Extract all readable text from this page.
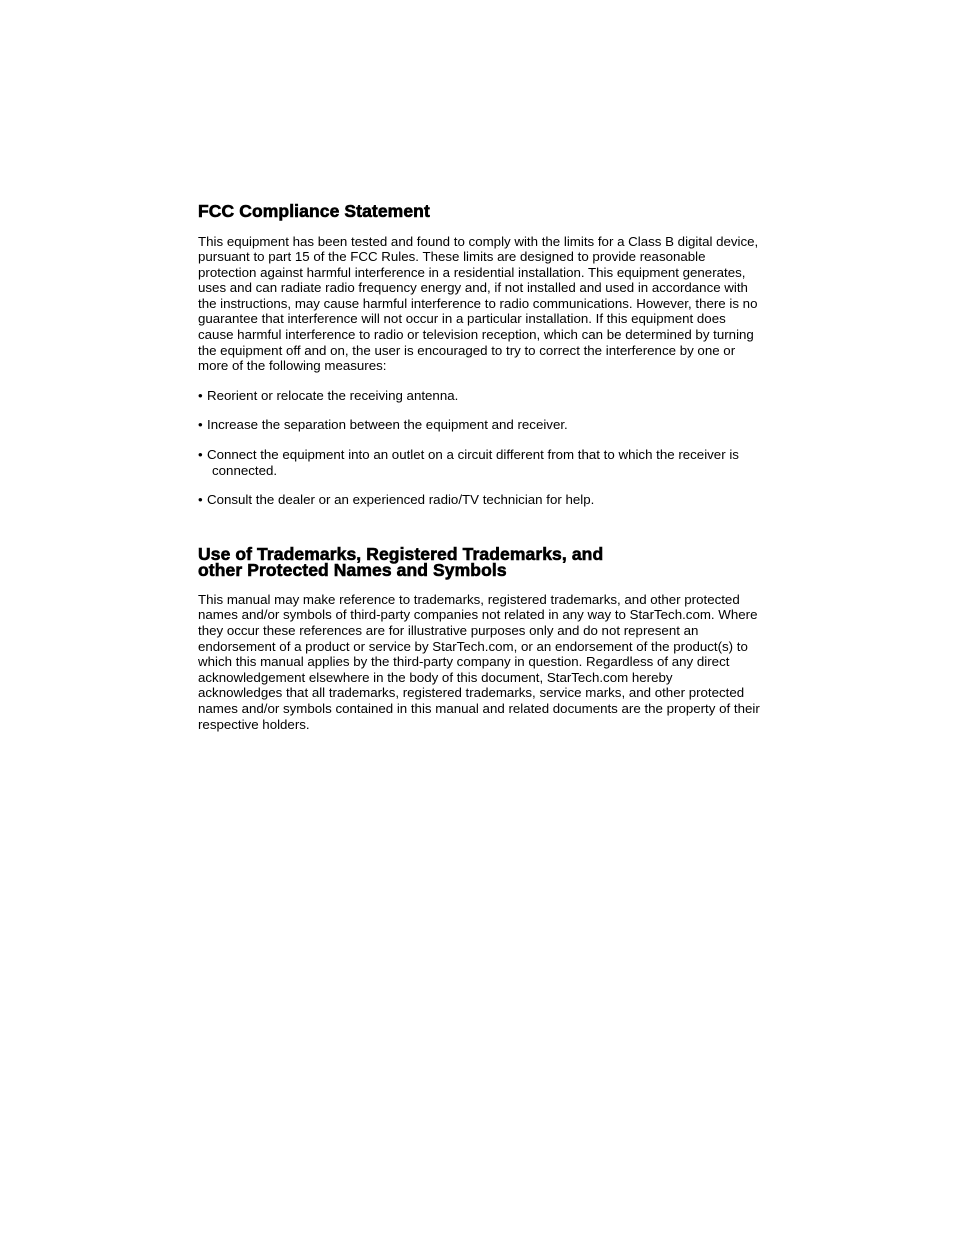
FCC Compliance Statement

This equipment has been tested and found to comply with the limits for a Class B digital device, pursuant to part 15 of the FCC Rules. These limits are designed to provide reasonable protection against harmful interference in a residential installation. This equipment generates, uses and can radiate radio frequency energy and, if not installed and used in accordance with the instructions, may cause harmful interference to radio communications. However, there is no guarantee that interference will not occur in a particular installation. If this equipment does cause harmful interference to radio or television reception, which can be determined by turning the equipment off and on, the user is encouraged to try to correct the interference by one or more of the following measures:

• Reorient or relocate the receiving antenna.
• Increase the separation between the equipment and receiver.
• Connect the equipment into an outlet on a circuit different from that to which the receiver is connected.
• Consult the dealer or an experienced radio/TV technician for help.
Use of Trademarks, Registered Trademarks, and
other Protected Names and Symbols

This manual may make reference to trademarks, registered trademarks, and other protected names and/or symbols of third-party companies not related in any way to StarTech.com. Where they occur these references are for illustrative purposes only and do not represent an endorsement of a product or service by StarTech.com, or an endorsement of the product(s) to which this manual applies by the third-party company in question. Regardless of any direct acknowledgement elsewhere in the body of this document, StarTech.com hereby acknowledges that all trademarks, registered trademarks, service marks, and other protected names and/or symbols contained in this manual and related documents are the property of their respective holders.
